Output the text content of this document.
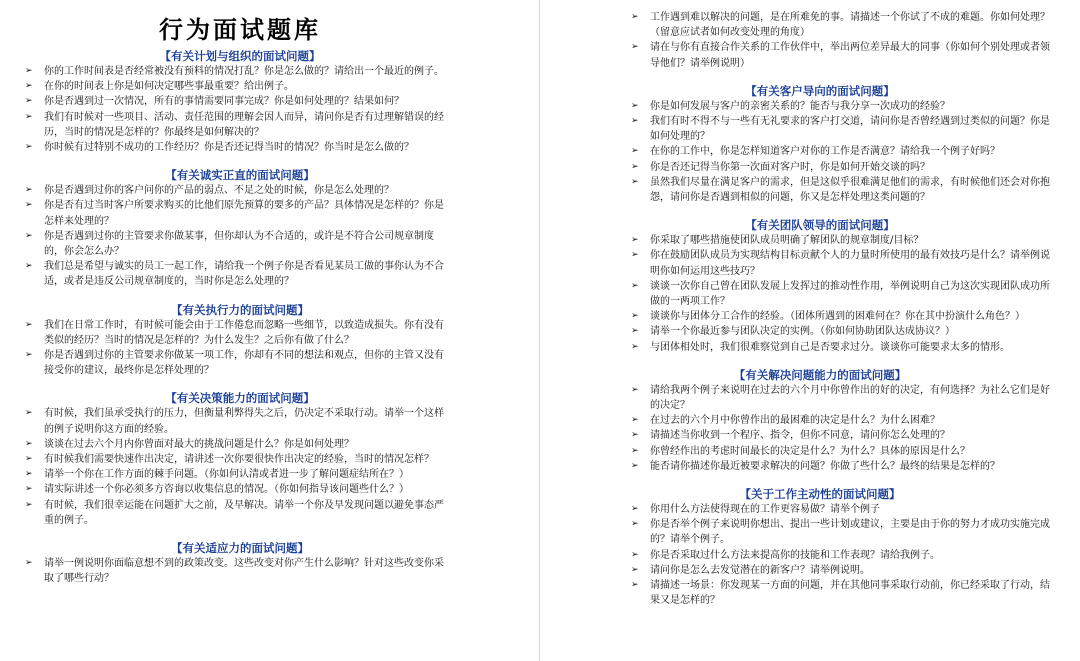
行为面试题库
【有关计划与组织的面试问题】
➢ 你的工作时间表是否经常被没有预料的情况打乱？你是怎么做的？请给出一个最近的例子。
➢ 在你的时间表上你是如何决定哪些事最重要？给出例子。
➢ 你是否遇到过一次情况，所有的事情需要同事完成？你是如何处理的？结果如何？
➢ 我们有时候对一些项目、活动、责任范围的理解会因人而异，请问你是否有过理解错误的经历，当时的情况是怎样的？你最终是如何解决的？
➢ 你时候有过特别不成功的工作经历？你是否还记得当时的情况？你当时是怎么做的？
【有关诚实正直的面试问题】
➢ 你是否遇到过你的客户问你的产品的弱点、不足之处的时候，你是怎么处理的？
➢ 你是否有过当时客户所要求购买的比他们原先预算的要多的产品？具体情况是怎样的？你是怎样来处理的？
➢ 你是否遇到过你的主管要求你做某事，但你却认为不合适的，或许是不符合公司规章制度的，你会怎么办？
➢ 我们总是希望与诚实的员工一起工作，请给我一个例子你是否看见某员工做的事你认为不合适，或者是违反公司规章制度的，当时你是怎么处理的？
【有关执行力的面试问题】
➢ 我们在日常工作时，有时候可能会由于工作倦怠而忽略一些细节，以致造成损失。你有没有类似的经历？当时的情况是怎样的？为什么发生？之后你有做了什么？
➢ 你是否遇到过你的主管要求你做某一项工作，你却有不同的想法和观点，但你的主管又没有接受你的建议，最终你是怎样处理的？
【有关决策能力的面试问题】
➢ 有时候，我们虽承受执行的压力，但衡量利弊得失之后，仍决定不采取行动。请举一个这样的例子说明你这方面的经验。
➢ 谈谈在过去六个月内你曾面对最大的挑战问题是什么？你是如何处理？
➢ 有时候我们需要快速作出决定，请讲述一次你要很快作出决定的经验，当时的情况怎样？
➢ 请举一个你在工作方面的棘手问题。（你如何认清或者进一步了解问题症结所在？）
➢ 请实际讲述一个你必须多方咨询以收集信息的情况。（你如何指导该问题些什么？）
➢ 有时候，我们很幸运能在问题扩大之前，及早解决。请举一个你及早发现问题以避免事态严重的例子。
【有关适应力的面试问题】
➢ 请举一例说明你面临意想不到的政策改变。这些改变对你产生什么影响？针对这些改变你采取了哪些行动？
➢ 工作遇到难以解决的问题，是在所难免的事。请描述一个你试了不成的难题。你如何处理？（留意应试者如何改变处理的角度）
➢ 请在与你有直接合作关系的工作伙伴中，举出两位差异最大的同事（你如何个别处理或者领导他们？请举例说明）
【有关客户导向的面试问题】
➢ 你是如何发展与客户的亲密关系的？能否与我分享一次成功的经验？
➢ 我们有时不得不与一些有无礼要求的客户打交道，请问你是否曾经遇到过类似的问题？你是如何处理的？
➢ 在你的工作中，你是怎样知道客户对你的工作是否满意？请给我一个例子好吗？
➢ 你是否还记得当你第一次面对客户时，你是如何开始交谈的吗？
➢ 虽然我们尽量在满足客户的需求，但是这似乎很难满足他们的需求，有时候他们还会对你抱怨，请问你是否遇到相似的问题，你又是怎样处理这类问题的？
【有关团队领导的面试问题】
➢ 你采取了哪些措施使团队成员明确了解团队的规章制度/目标？
➢ 你在鼓励团队成员为实现结构目标贡献个人的力量时所使用的最有效技巧是什么？请举例说明你如何运用这些技巧？
➢ 谈谈一次你自己曾在团队发展上发挥过的推动性作用，举例说明自己为这次实现团队成功所做的一两项工作？
➢ 谈谈你与团体分工合作的经验。（团体所遇到的困难何在？你在其中扮演什么角色？）
➢ 请举一个你最近参与团队决定的实例。（你如何协助团队达成协议？）
➢ 与团体相处时，我们很难察觉到自己是否要求过分。谈谈你可能要求太多的情形。
【有关解决问题能力的面试问题】
➢ 请给我两个例子来说明在过去的六个月中你曾作出的好的决定，有何选择？为社么它们是好的决定？
➢ 在过去的六个月中你曾作出的最困难的决定是什么？为什么困难？
➢ 请描述当你收到一个程序、指令，但你不同意，请问你怎么处理的？
➢ 你曾经作出的考虑时间最长的决定是什么？为什么？具体的原因是什么？
➢ 能否请你描述你最近被要求解决的问题？你做了些什么？最终的结果是怎样的？
【关于工作主动性的面试问题】
➢ 你用什么方法使得现在的工作更容易做？请举个例子
➢ 你是否举个例子来说明你想出、提出一些计划或建议，主要是由于你的努力才成功实施完成的？请举个例子。
➢ 你是否采取过什么方法来提高你的技能和工作表现？请给我例子。
➢ 请问你是怎么去发觉潜在的新客户？请举例说明。
➢ 请描述一场景：你发现某一方面的问题，并在其他同事采取行动前，你已经采取了行动，结果又是怎样的？
